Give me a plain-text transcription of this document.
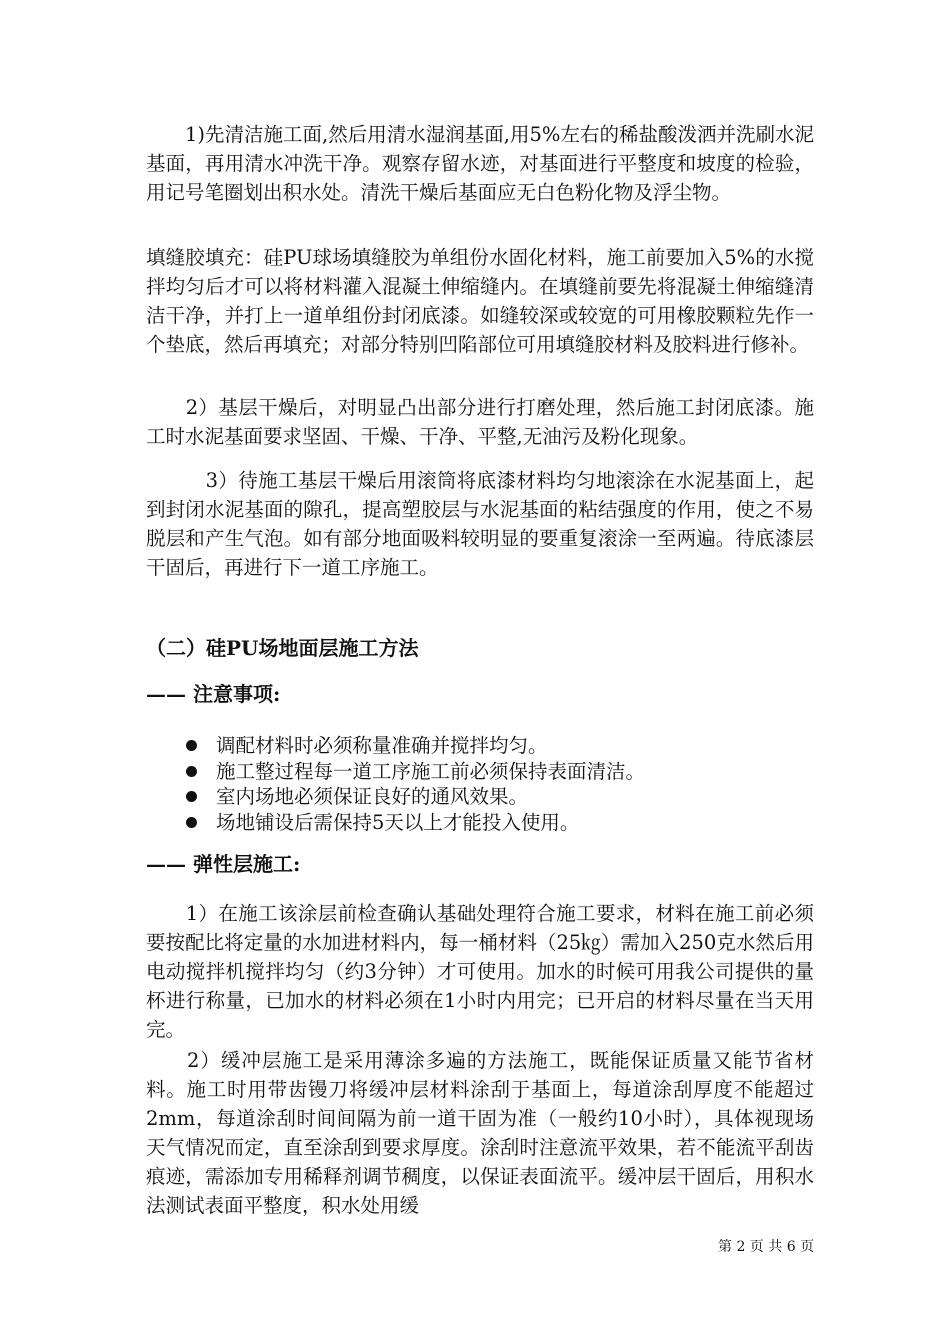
　　1)先清洁施工面,然后用清水湿润基面,用5%左右的稀盐酸泼洒并洗刷水泥基面，再用清水冲洗干净。观察存留水迹，对基面进行平整度和坡度的检验，用记号笔圈划出积水处。清洗干燥后基面应无白色粉化物及浮尘物。

填缝胶填充：硅PU球场填缝胶为单组份水固化材料，施工前要加入5%的水搅拌均匀后才可以将材料灌入混凝土伸缩缝内。在填缝前要先将混凝土伸缩缝清洁干净，并打上一道单组份封闭底漆。如缝较深或较宽的可用橡胶颗粒先作一个垫底，然后再填充；对部分特别凹陷部位可用填缝胶材料及胶料进行修补。

　　2）基层干燥后，对明显凸出部分进行打磨处理，然后施工封闭底漆。施工时水泥基面要求坚固、干燥、干净、平整,无油污及粉化现象。

　　　3）待施工基层干燥后用滚筒将底漆材料均匀地滚涂在水泥基面上，起到封闭水泥基面的隙孔，提高塑胶层与水泥基面的粘结强度的作用，使之不易脱层和产生气泡。如有部分地面吸料较明显的要重复滚涂一至两遍。待底漆层干固后，再进行下一道工序施工。

（二）硅PU场地面层施工方法
—— 注意事项:
调配材料时必须称量准确并搅拌均匀。
施工整过程每一道工序施工前必须保持表面清洁。
室内场地必须保证良好的通风效果。
场地铺设后需保持5天以上才能投入使用。
—— 弹性层施工:

　　1）在施工该涂层前检查确认基础处理符合施工要求，材料在施工前必须要按配比将定量的水加进材料内，每一桶材料（25㎏）需加入250克水然后用电动搅拌机搅拌均匀（约3分钟）才可使用。加水的时候可用我公司提供的量杯进行称量，已加水的材料必须在1小时内用完；已开启的材料尽量在当天用完。

　　2）缓冲层施工是采用薄涂多遍的方法施工，既能保证质量又能节省材料。施工时用带齿镘刀将缓冲层材料涂刮于基面上，每道涂刮厚度不能超过2mm，每道涂刮时间间隔为前一道干固为准（一般约10小时），具体视现场天气情况而定，直至涂刮到要求厚度。涂刮时注意流平效果，若不能流平刮齿痕迹，需添加专用稀释剂调节稠度，以保证表面流平。缓冲层干固后，用积水法测试表面平整度，积水处用缓

第 2 页 共 6 页
